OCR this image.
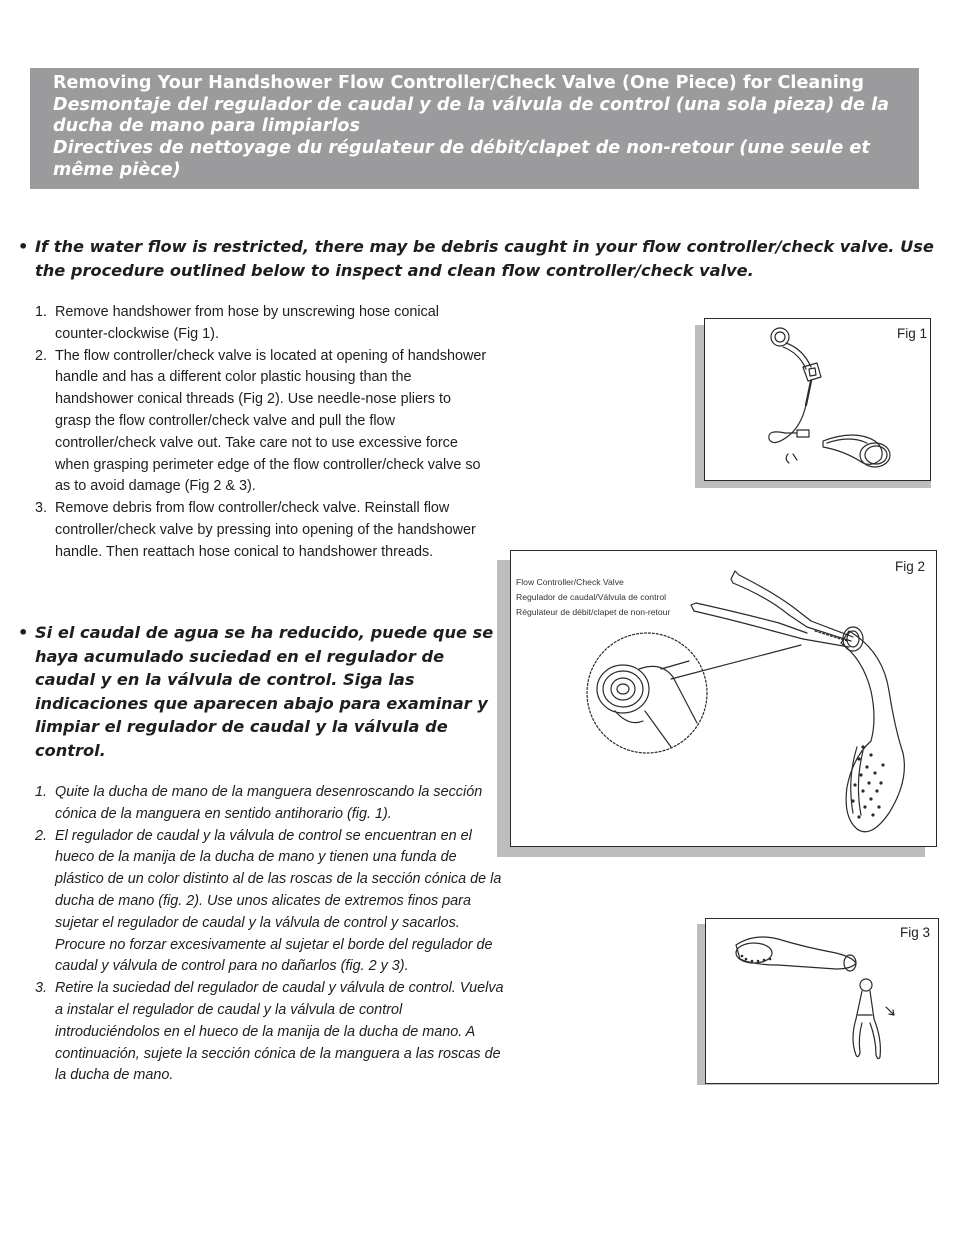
Removing Your Handshower Flow Controller/Check Valve (One Piece) for Cleaning
Desmontaje del regulador de caudal y de la válvula de control (una sola pieza) de la ducha de mano para limpiarlos
Directives de nettoyage du régulateur de débit/clapet de non-retour (une seule et même pièce)
• If the water flow is restricted, there may be debris caught in your flow controller/check valve. Use the procedure outlined below to inspect and clean flow controller/check valve.
1. Remove handshower from hose by unscrewing hose conical counter-clockwise (Fig 1).
2. The flow controller/check valve is located at opening of handshower handle and has a different color plastic housing than the handshower conical threads (Fig 2). Use needle-nose pliers to grasp the flow controller/check valve and pull the flow controller/check valve out. Take care not to use excessive force when grasping perimeter edge of the flow controller/check valve so as to avoid damage (Fig 2 & 3).
3. Remove debris from flow controller/check valve. Reinstall flow controller/check valve by pressing into opening of the handshower handle. Then reattach hose conical to handshower threads.
• Si el caudal de agua se ha reducido, puede que se haya acumulado suciedad en el regulador de caudal y en la válvula de control. Siga las indicaciones que aparecen abajo para examinar y limpiar el regulador de caudal y la válvula de control.
1. Quite la ducha de mano de la manguera desenroscando la sección cónica de la manguera en sentido antihorario (fig. 1).
2. El regulador de caudal y la válvula de control se encuentran en el hueco de la manija de la ducha de mano y tienen una funda de plástico de un color distinto al de las roscas de la sección cónica de la ducha de mano (fig. 2). Use unos alicates de extremos finos para sujetar el regulador de caudal y la válvula de control y sacarlos. Procure no forzar excesivamente al sujetar el borde del regulador de caudal y válvula de control para no dañarlos (fig. 2 y 3).
3. Retire la suciedad del regulador de caudal y válvula de control. Vuelva a instalar el regulador de caudal y la válvula de control introduciéndolos en el hueco de la manija de la ducha de mano. A continuación, sujete la sección cónica de la manguera a las roscas de la ducha de mano.
Fig 1
Fig 2
Flow Controller/Check Valve
Regulador de caudal/Válvula de control
Régulateur de débit/clapet de non-retour
Fig 3
